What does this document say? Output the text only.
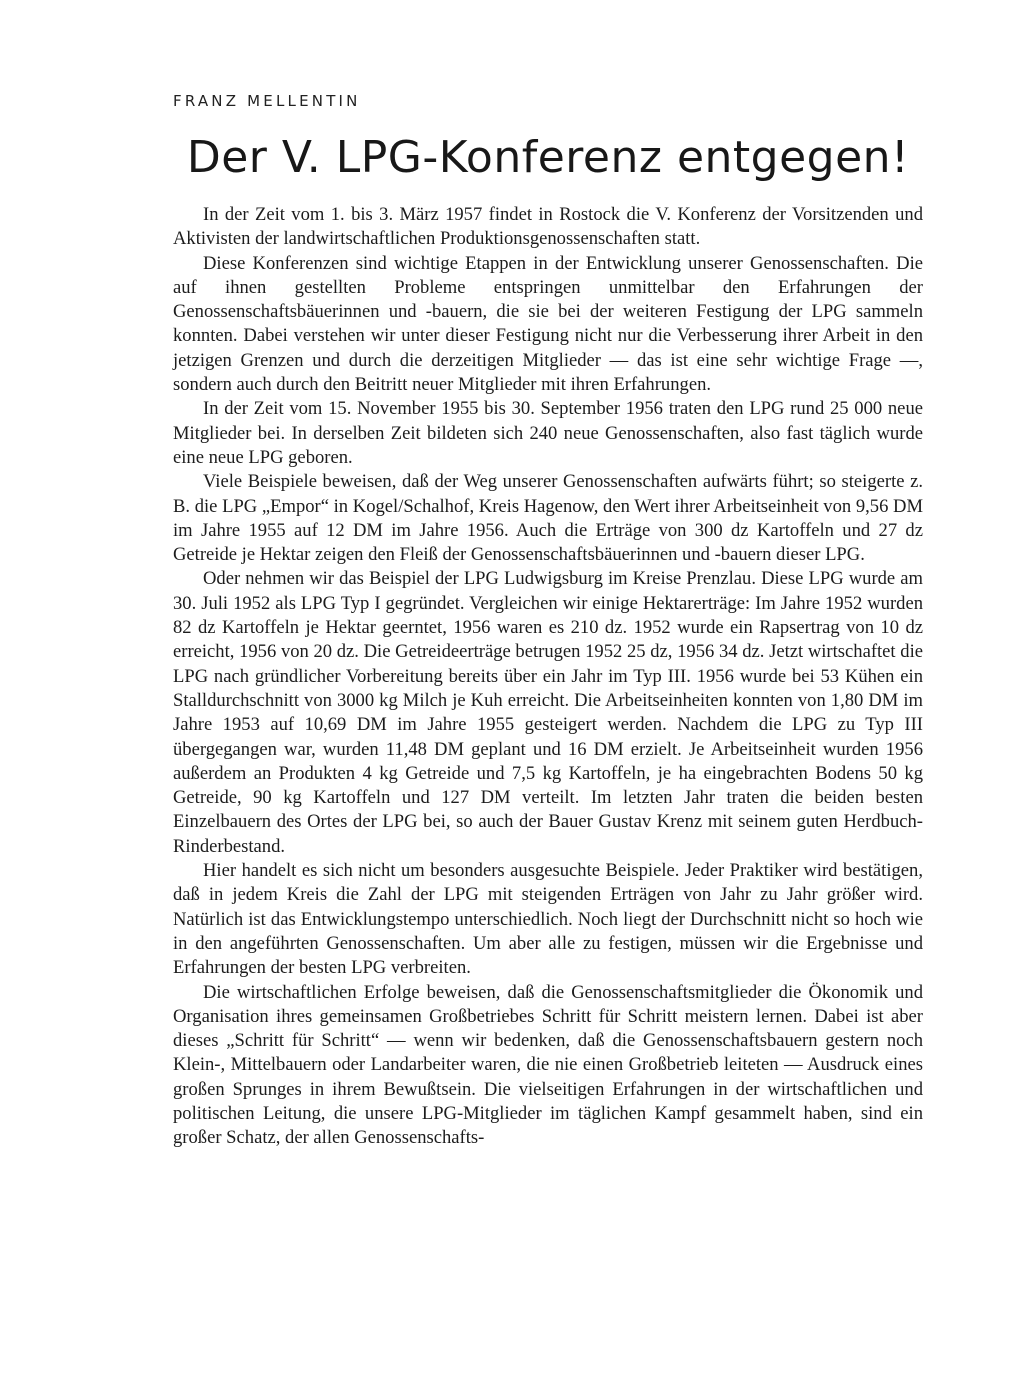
FRANZ MELLENTIN
Der V. LPG-Konferenz entgegen!

In der Zeit vom 1. bis 3. März 1957 findet in Rostock die V. Konferenz der Vorsitzenden und Aktivisten der landwirtschaftlichen Produktionsgenossenschaften statt.

Diese Konferenzen sind wichtige Etappen in der Entwicklung unserer Genossenschaften. Die auf ihnen gestellten Probleme entspringen unmittelbar den Erfahrungen der Genossenschaftsbäuerinnen und -bauern, die sie bei der weiteren Festigung der LPG sammeln konnten. Dabei verstehen wir unter dieser Festigung nicht nur die Verbesserung ihrer Arbeit in den jetzigen Grenzen und durch die derzeitigen Mitglieder — das ist eine sehr wichtige Frage —, sondern auch durch den Beitritt neuer Mitglieder mit ihren Erfahrungen.

In der Zeit vom 15. November 1955 bis 30. September 1956 traten den LPG rund 25 000 neue Mitglieder bei. In derselben Zeit bildeten sich 240 neue Genossenschaften, also fast täglich wurde eine neue LPG geboren.

Viele Beispiele beweisen, daß der Weg unserer Genossenschaften aufwärts führt; so steigerte z. B. die LPG „Empor“ in Kogel/Schalhof, Kreis Hagenow, den Wert ihrer Arbeitseinheit von 9,56 DM im Jahre 1955 auf 12 DM im Jahre 1956. Auch die Erträge von 300 dz Kartoffeln und 27 dz Getreide je Hektar zeigen den Fleiß der Genossenschaftsbäuerinnen und -bauern dieser LPG.

Oder nehmen wir das Beispiel der LPG Ludwigsburg im Kreise Prenzlau. Diese LPG wurde am 30. Juli 1952 als LPG Typ I gegründet. Vergleichen wir einige Hektarerträge: Im Jahre 1952 wurden 82 dz Kartoffeln je Hektar geerntet, 1956 waren es 210 dz. 1952 wurde ein Rapsertrag von 10 dz erreicht, 1956 von 20 dz. Die Getreideerträge betrugen 1952 25 dz, 1956 34 dz. Jetzt wirtschaftet die LPG nach gründlicher Vorbereitung bereits über ein Jahr im Typ III. 1956 wurde bei 53 Kühen ein Stalldurchschnitt von 3000 kg Milch je Kuh erreicht. Die Arbeitseinheiten konnten von 1,80 DM im Jahre 1953 auf 10,69 DM im Jahre 1955 gesteigert werden. Nachdem die LPG zu Typ III übergegangen war, wurden 11,48 DM geplant und 16 DM erzielt. Je Arbeitseinheit wurden 1956 außerdem an Produkten 4 kg Getreide und 7,5 kg Kartoffeln, je ha eingebrachten Bodens 50 kg Getreide, 90 kg Kartoffeln und 127 DM verteilt. Im letzten Jahr traten die beiden besten Einzelbauern des Ortes der LPG bei, so auch der Bauer Gustav Krenz mit seinem guten Herdbuch-Rinderbestand.

Hier handelt es sich nicht um besonders ausgesuchte Beispiele. Jeder Praktiker wird bestätigen, daß in jedem Kreis die Zahl der LPG mit steigenden Erträgen von Jahr zu Jahr größer wird. Natürlich ist das Entwicklungstempo unterschiedlich. Noch liegt der Durchschnitt nicht so hoch wie in den angeführten Genossenschaften. Um aber alle zu festigen, müssen wir die Ergebnisse und Erfahrungen der besten LPG verbreiten.

Die wirtschaftlichen Erfolge beweisen, daß die Genossenschaftsmitglieder die Ökonomik und Organisation ihres gemeinsamen Großbetriebes Schritt für Schritt meistern lernen. Dabei ist aber dieses „Schritt für Schritt“ — wenn wir bedenken, daß die Genossenschaftsbauern gestern noch Klein-, Mittelbauern oder Landarbeiter waren, die nie einen Großbetrieb leiteten — Ausdruck eines großen Sprunges in ihrem Bewußtsein. Die vielseitigen Erfahrungen in der wirtschaftlichen und politischen Leitung, die unsere LPG-Mitglieder im täglichen Kampf gesammelt haben, sind ein großer Schatz, der allen Genossenschafts-
